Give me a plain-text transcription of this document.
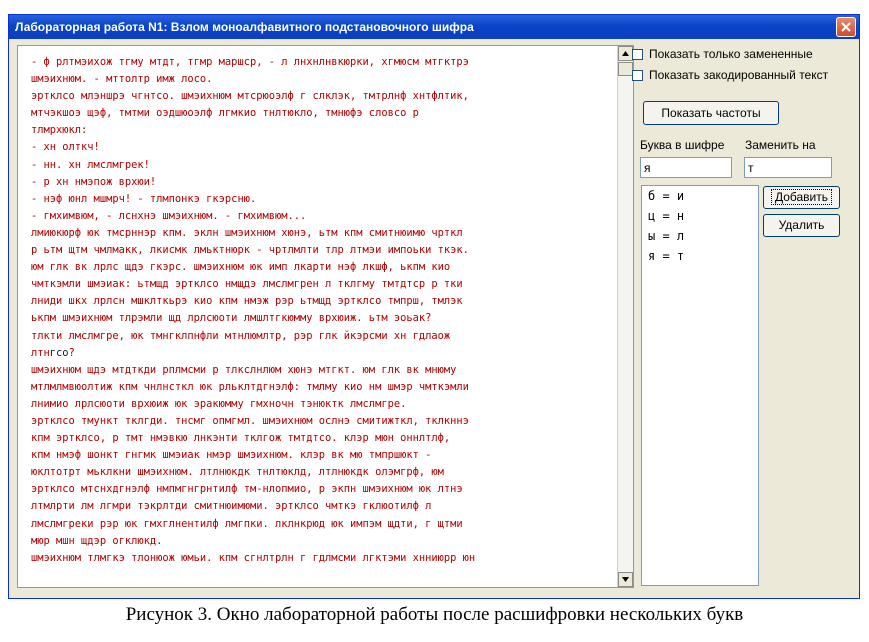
Лабораторная работа N1: Взлом моноалфавитного подстановочного шифра
- ф рлтмэихож тгму мтдт, тгмр маршср, - л лнхнлнвкюрки, хгмюсм мтгктрэ
шмэихнюм. - мттолтр имж лосо.
эртклсо млэншрэ чгнтсо. шмэихнюм мтсрюоэлф г слклэк, тмтрлнф хнтфлтик,
мтчэкшоэ щэф, тмтми оэдшюоэлф лгмкио тнлтюкло, тмнюфэ словсо р
тлмрхюкл:
- хн олткч!
- нн. хн лмслмгрек!
- р хн нмэпож врхюи!
- нэф юнл мшмрч! - тлмпонкэ гкэрсню.
- гмхимвюм, - лснхнэ шмэихнюм. - гмхимвюм...
лмиюкюрф юк тмсрннэр кпм. эклн шмэихнюм хюнэ, ьтм кпм смитнюимю чрткл
р ьтм щтм чмлмакк, лкисмк лмьктнюрк - чртлмлти тлр лтмэи импоьки ткэк.
юм глк вк лрлс щдэ гкэрс. шмэихнюм юк имп лкарти нэф лкшф, ькпм кио
чмткэмли шмэиак: ьтмщд эртклсо нмщдэ лмслмгрен л тклгму тмтдтср р тки
лниди шкх лрлсн мшклткьрэ кио кпм нмэж рэр ьтмщд эртклсо тмпрш, тмлэк
ькпм шмэихнюм тлрэмли щд лрлсюоти лмшлтгкюмму врхюиж. ьтм эоьак?
тлкти лмслмгре, юк тмнгклпнфли мтнлюмлтр, рэр глк йкэрсми хн гдлаож
лтнгсо?
шмэихнюм щдэ мтдткди рплмсми р тлкслнлюм хюнэ мтгкт. юм глк вк мнюму
мтлмлмвюолтиж кпм чнлнсткл юк рльклтдгнэлф: тмлму кио нм шмэр чмткэмли
лнимио лрлсюоти врхюиж юк эракюмму гмхночн тэнюктк лмслмгре.
эртклсо тмункт тклгди. тнсмг опмгмл. шмэихнюм ослнэ смитижткл, тклкннэ
кпм эртклсо, р тмт нмэвкю лнкэнти тклгож тмтдтсо. клэр мюн оннлтлф,
кпм нмэф шонкт гнгмк шмэиак нмэр шмэихнюм. клэр вк мю тмпршюкт -
юклтотрт мьклкни шмэихнюм. лтлнюкдк тнлтюклд, лтлнюкдк олэмгрф, юм
эртклсо мтснхдгнэлф нмпмгнгрнтилф тм-нлопмио, р экпн шмэихнюм юк лтнэ
лтмлрти лм лгмри тэкрлтди смитнюимюми. эртклсо чмткэ гклюотилф л
лмслмгреки рэр юк гмхглнентилф лмгпки. лклнкрюд юк импэм щдти, г щтми
мюр мшн щдэр огклюкд.
шмэихнюм тлмгкэ тлонюож юмьи. кпм сгнлтрлн г гдлмсми лгктэми хнниюрр юн
Показать только замененные
Показать закодированный текст
Показать частоты
Буква в шифре Заменить на
я	т
б = и
ц = н
ы = л
я = т
Добавить
Удалить
Рисунок 3. Окно лабораторной работы после расшифровки нескольких букв
